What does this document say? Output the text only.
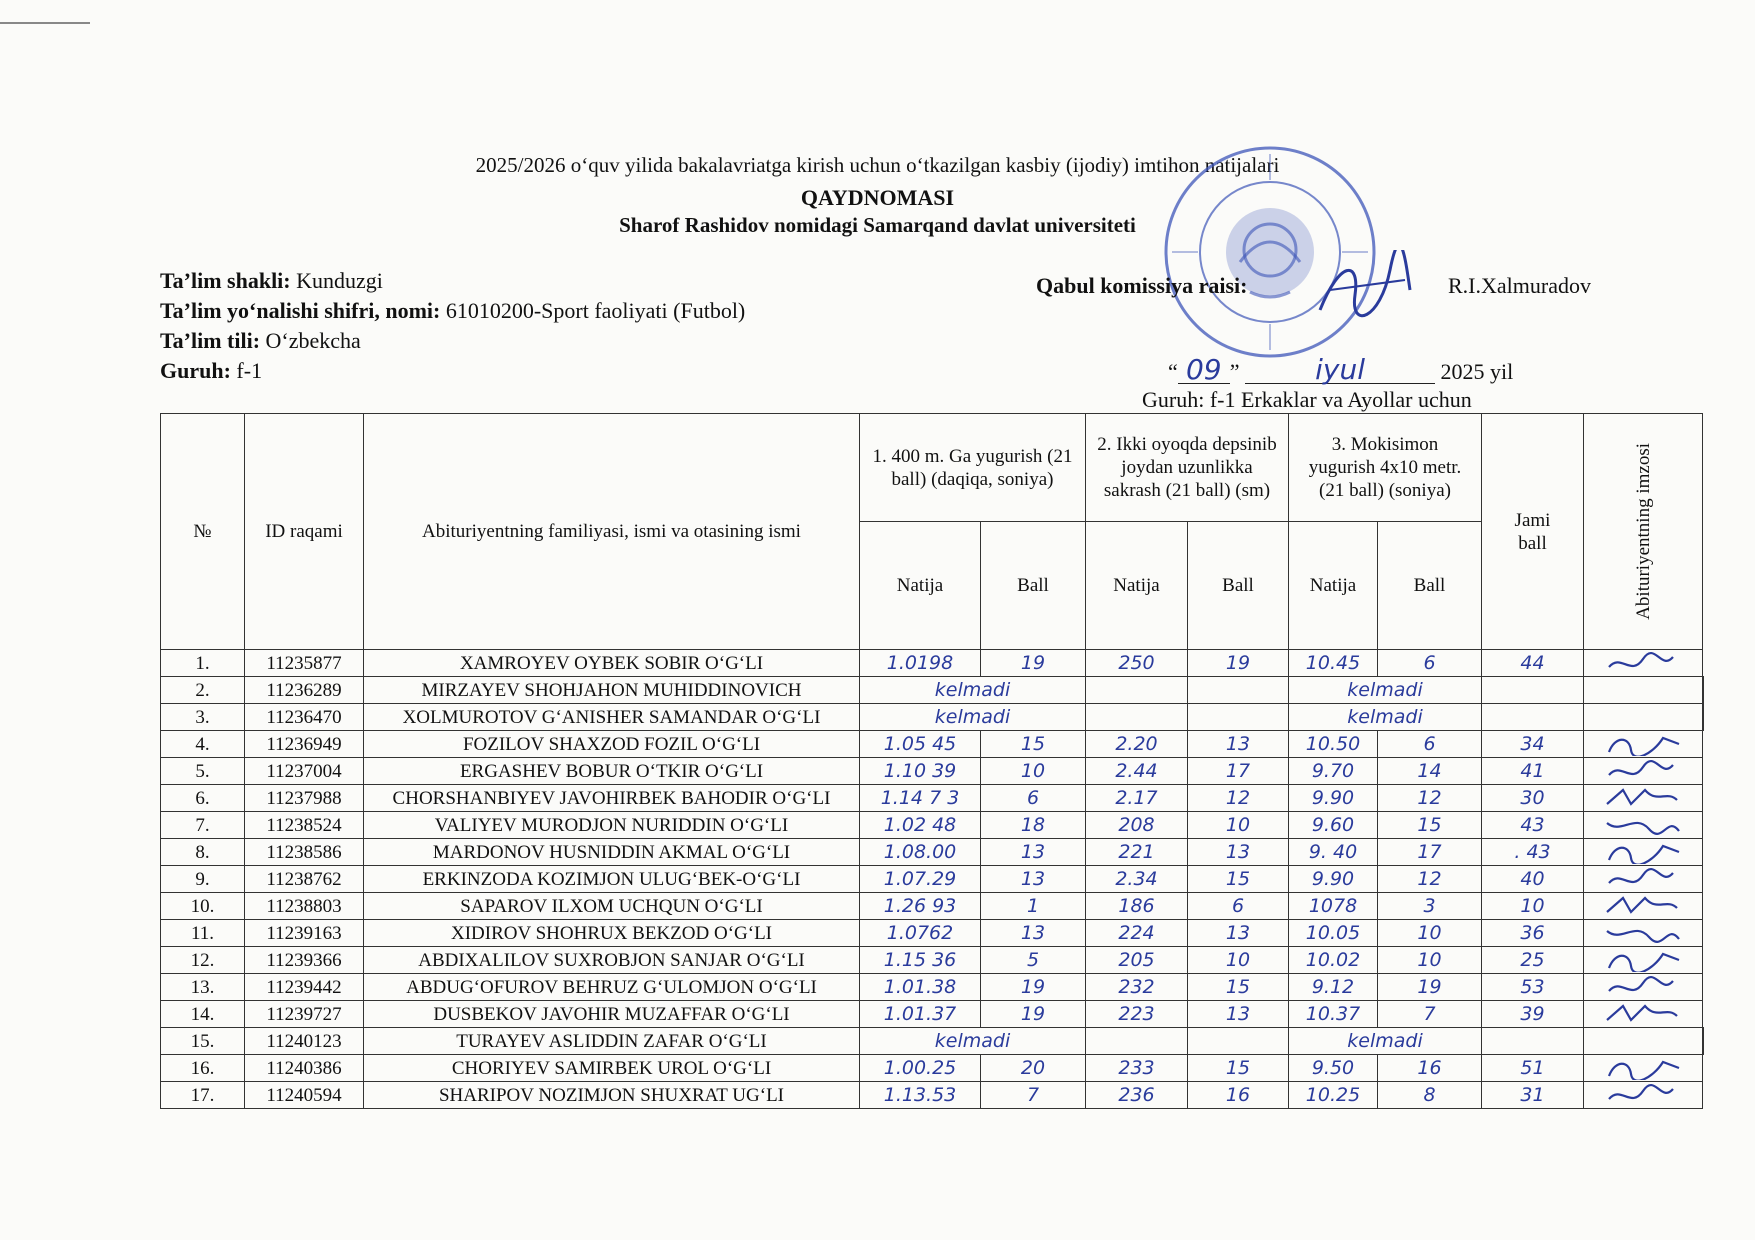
2025/2026 o‘quv yilida bakalavriatga kirish uchun o‘tkazilgan kasbiy (ijodiy) imtihon natijalari
QAYDNOMASI
Sharof Rashidov nomidagi Samarqand davlat universiteti
Ta’lim shakli: Kunduzgi
Ta’lim yo‘nalishi shifri, nomi: 61010200-Sport faoliyati (Futbol)
Ta’lim tili: O‘zbekcha
Guruh: f-1
Qabul komissiya raisi:	R.I.Xalmuradov
“ 09 ”	iyul	2025 yil
Guruh: f-1 Erkaklar va Ayollar uchun
№	ID raqami	Abituriyentning familiyasi, ismi va otasining ismi	1. 400 m. Ga yugurish (21 ball) (daqiqa, soniya)		2. Ikki oyoqda depsinib joydan uzunlikka sakrash (21 ball) (sm)		3. Mokisimon yugurish 4x10 metr. (21 ball) (soniya)		Jami ball	Abituriyentning imzosi	

			Natija	Ball	Natija	Ball	Natija	Ball			
1.	11235877	XAMROYEV OYBEK SOBIR O‘G‘LI	1.0198	19	250	19	10.45	6	44	

2.	11236289	MIRZAYEV SHOHJAHON MUHIDDINOVICH	kelmadi				kelmadi				
3.	11236470	XOLMUROTOV G‘ANISHER SAMANDAR O‘G‘LI	kelmadi				kelmadi				
4.	11236949	FOZILOV SHAXZOD FOZIL O‘G‘LI	1.05 45	15	2.20	13	10.50	6	34	

5.	11237004	ERGASHEV BOBUR O‘TKIR O‘G‘LI	1.10 39	10	2.44	17	9.70	14	41	

6.	11237988	CHORSHANBIYEV JAVOHIRBEK BAHODIR O‘G‘LI	1.14 7 3	6	2.17	12	9.90	12	30	

7.	11238524	VALIYEV MURODJON NURIDDIN O‘G‘LI	1.02 48	18	208	10	9.60	15	43	

8.	11238586	MARDONOV HUSNIDDIN AKMAL O‘G‘LI	1.08.00	13	221	13	9. 40	17	. 43	

9.	11238762	ERKINZODA KOZIMJON ULUG‘BEK-O‘G‘LI	1.07.29	13	2.34	15	9.90	12	40	

10.	11238803	SAPAROV ILXOM UCHQUN O‘G‘LI	1.26 93	1	186	6	1078	3	10	

11.	11239163	XIDIROV SHOHRUX BEKZOD O‘G‘LI	1.0762	13	224	13	10.05	10	36	

12.	11239366	ABDIXALILOV SUXROBJON SANJAR O‘G‘LI	1.15 36	5	205	10	10.02	10	25	

13.	11239442	ABDUG‘OFUROV BEHRUZ G‘ULOMJON O‘G‘LI	1.01.38	19	232	15	9.12	19	53	

14.	11239727	DUSBEKOV JAVOHIR MUZAFFAR O‘G‘LI	1.01.37	19	223	13	10.37	7	39	

15.	11240123	TURAYEV ASLIDDIN ZAFAR O‘G‘LI	kelmadi				kelmadi				
16.	11240386	CHORIYEV SAMIRBEK UROL O‘G‘LI	1.00.25	20	233	15	9.50	16	51	

17.	11240594	SHARIPOV NOZIMJON SHUXRAT UG‘LI	1.13.53	7	236	16	10.25	8	31	
